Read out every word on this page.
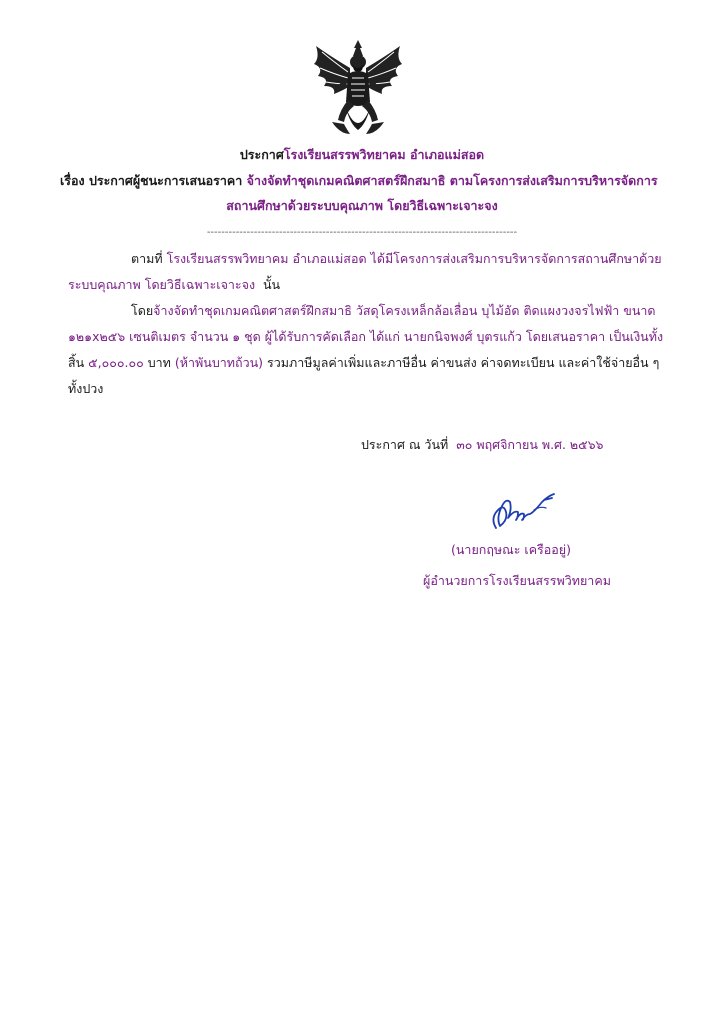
ประกาศโรงเรียนสรรพวิทยาคม อำเภอแม่สอด
เรื่อง ประกาศผู้ชนะการเสนอราคา จ้างจัดทำชุดเกมคณิตศาสตร์ฝึกสมาธิ ตามโครงการส่งเสริมการบริหารจัดการ
สถานศึกษาด้วยระบบคุณภาพ โดยวิธีเฉพาะเจาะจง
--------------------------------------------------------------------------------------
ตามที่ โรงเรียนสรรพวิทยาคม อำเภอแม่สอด ได้มีโครงการส่งเสริมการบริหารจัดการสถานศึกษาด้วย
ระบบคุณภาพ โดยวิธีเฉพาะเจาะจง นั้น
โดยจ้างจัดทำชุดเกมคณิตศาสตร์ฝึกสมาธิ วัสดุโครงเหล็กล้อเลื่อน บุไม้อัด ติดแผงวงจรไฟฟ้า ขนาด
๑๒๑x๒๕๖ เซนติเมตร จำนวน ๑ ชุด ผู้ได้รับการคัดเลือก ได้แก่ นายกนิจพงศ์ บุตรแก้ว โดยเสนอราคา เป็นเงินทั้ง
สิ้น ๕,๐๐๐.๐๐ บาท (ห้าพันบาทถ้วน) รวมภาษีมูลค่าเพิ่มและภาษีอื่น ค่าขนส่ง ค่าจดทะเบียน และค่าใช้จ่ายอื่น ๆ
ทั้งปวง
ประกาศ ณ วันที่ ๓๐ พฤศจิกายน พ.ศ. ๒๕๖๖
(นายกฤษณะ เครืออยู่)
ผู้อำนวยการโรงเรียนสรรพวิทยาคม
